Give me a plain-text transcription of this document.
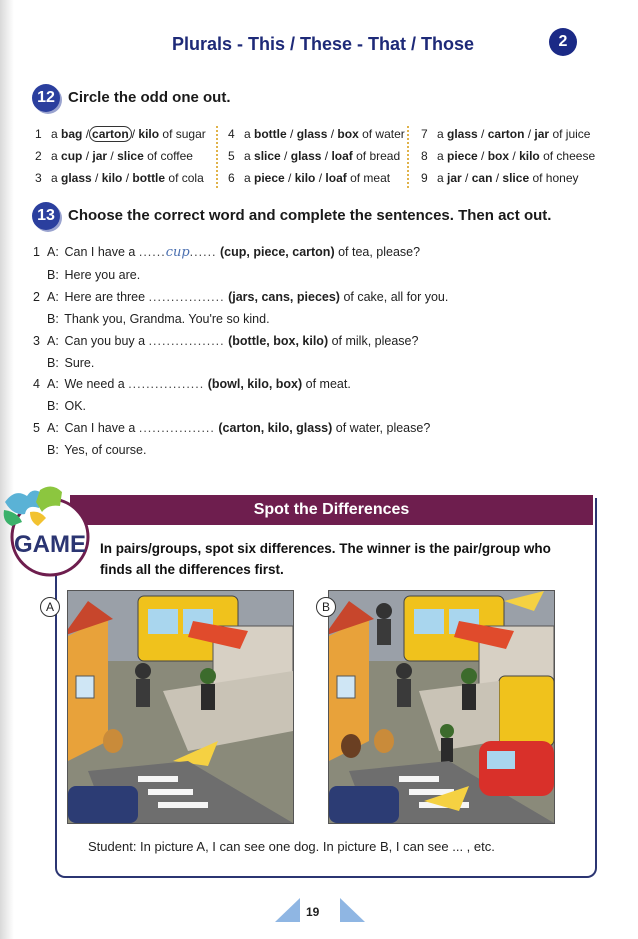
Plurals - This / These - That / Those	2
12 Circle the odd one out.
1 a bag / carton / kilo of sugar
2 a cup / jar / slice of coffee
3 a glass / kilo / bottle of cola
4 a bottle / glass / box of water
5 a slice / glass / loaf of bread
6 a piece / kilo / loaf of meat
7 a glass / carton / jar of juice
8 a piece / box / kilo of cheese
9 a jar / can / slice of honey
13 Choose the correct word and complete the sentences. Then act out.
1 A: Can I have a ......cup...... (cup, piece, carton) of tea, please?
B: Here you are.
2 A: Here are three ................. (jars, cans, pieces) of cake, all for you.
B: Thank you, Grandma. You're so kind.
3 A: Can you buy a ................. (bottle, box, kilo) of milk, please?
B: Sure.
4 A: We need a ................. (bowl, kilo, box) of meat.
B: OK.
5 A: Can I have a ................. (carton, kilo, glass) of water, please?
B: Yes, of course.
Spot the Differences
GAME In pairs/groups, spot six differences. The winner is the pair/group who finds all the differences first.
A	B
Student: In picture A, I can see one dog. In picture B, I can see ... , etc.
19
